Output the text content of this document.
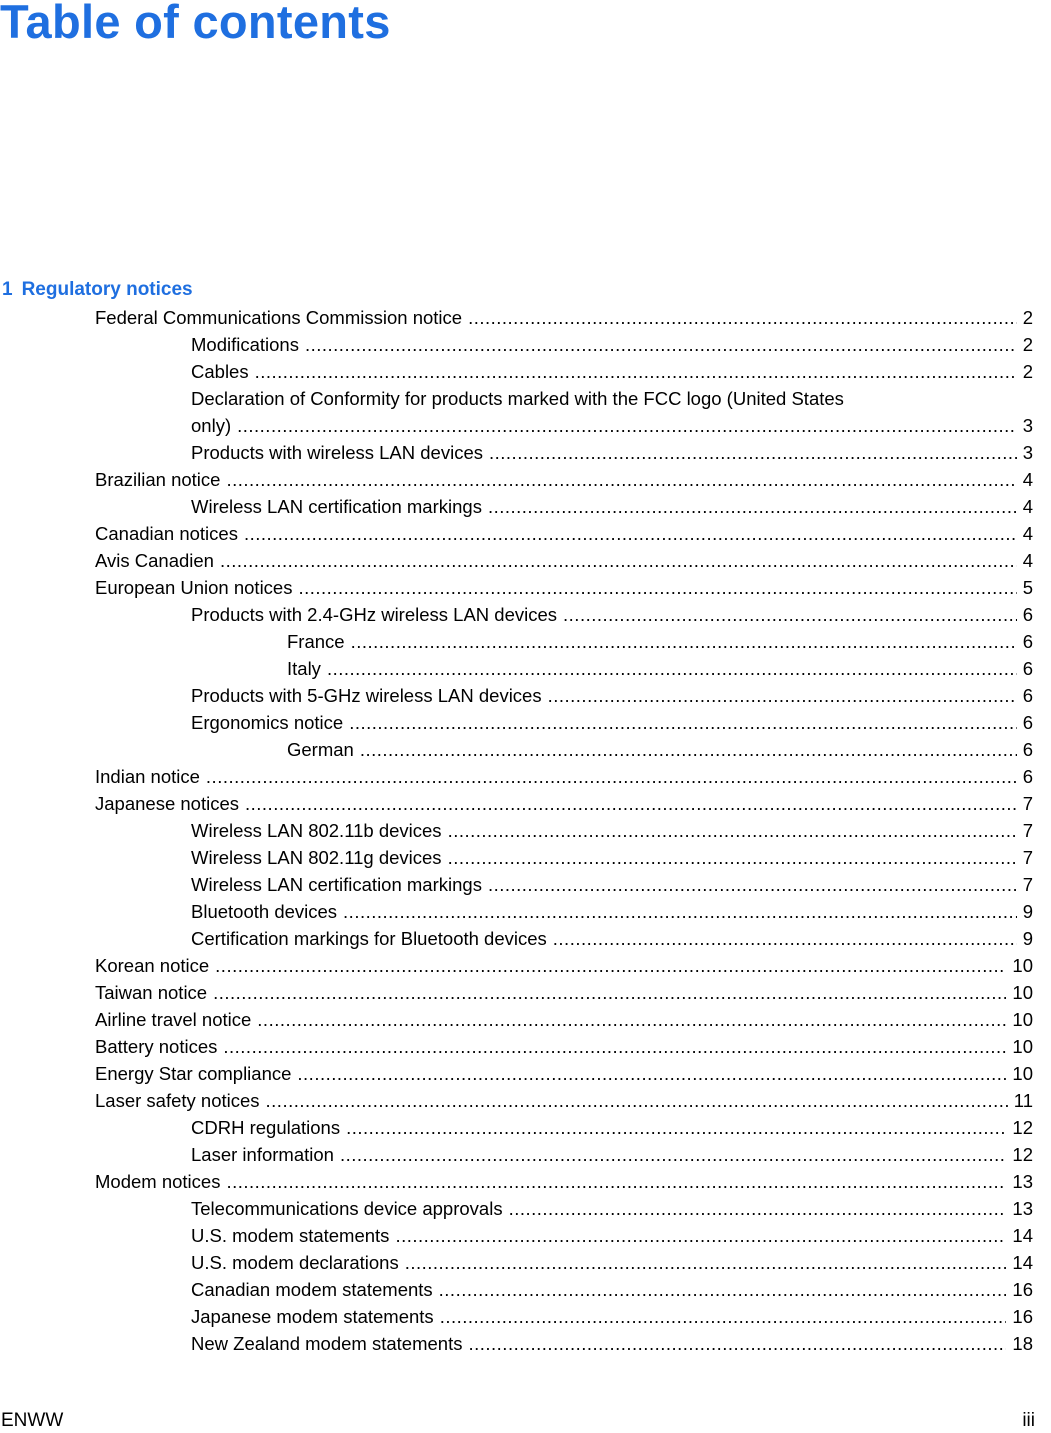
Table of contents
1 Regulatory notices
Federal Communications Commission notice .....	2
Modifications .....	2
Cables .....	2
Declaration of Conformity for products marked with the FCC logo (United States
only) .....	3
Products with wireless LAN devices .....	3
Brazilian notice .....	4
Wireless LAN certification markings .....	4
Canadian notices .....	4
Avis Canadien .....	4
European Union notices .....	5
Products with 2.4-GHz wireless LAN devices .....	6
France .....	6
Italy .....	6
Products with 5-GHz wireless LAN devices .....	6
Ergonomics notice .....	6
German .....	6
Indian notice .....	6
Japanese notices .....	7
Wireless LAN 802.11b devices .....	7
Wireless LAN 802.11g devices .....	7
Wireless LAN certification markings .....	7
Bluetooth devices .....	9
Certification markings for Bluetooth devices .....	9
Korean notice .....	10
Taiwan notice .....	10
Airline travel notice .....	10
Battery notices .....	10
Energy Star compliance .....	10
Laser safety notices .....	11
CDRH regulations .....	12
Laser information .....	12
Modem notices .....	13
Telecommunications device approvals .....	13
U.S. modem statements .....	14
U.S. modem declarations .....	14
Canadian modem statements .....	16
Japanese modem statements .....	16
New Zealand modem statements .....	18
ENWW	iii
